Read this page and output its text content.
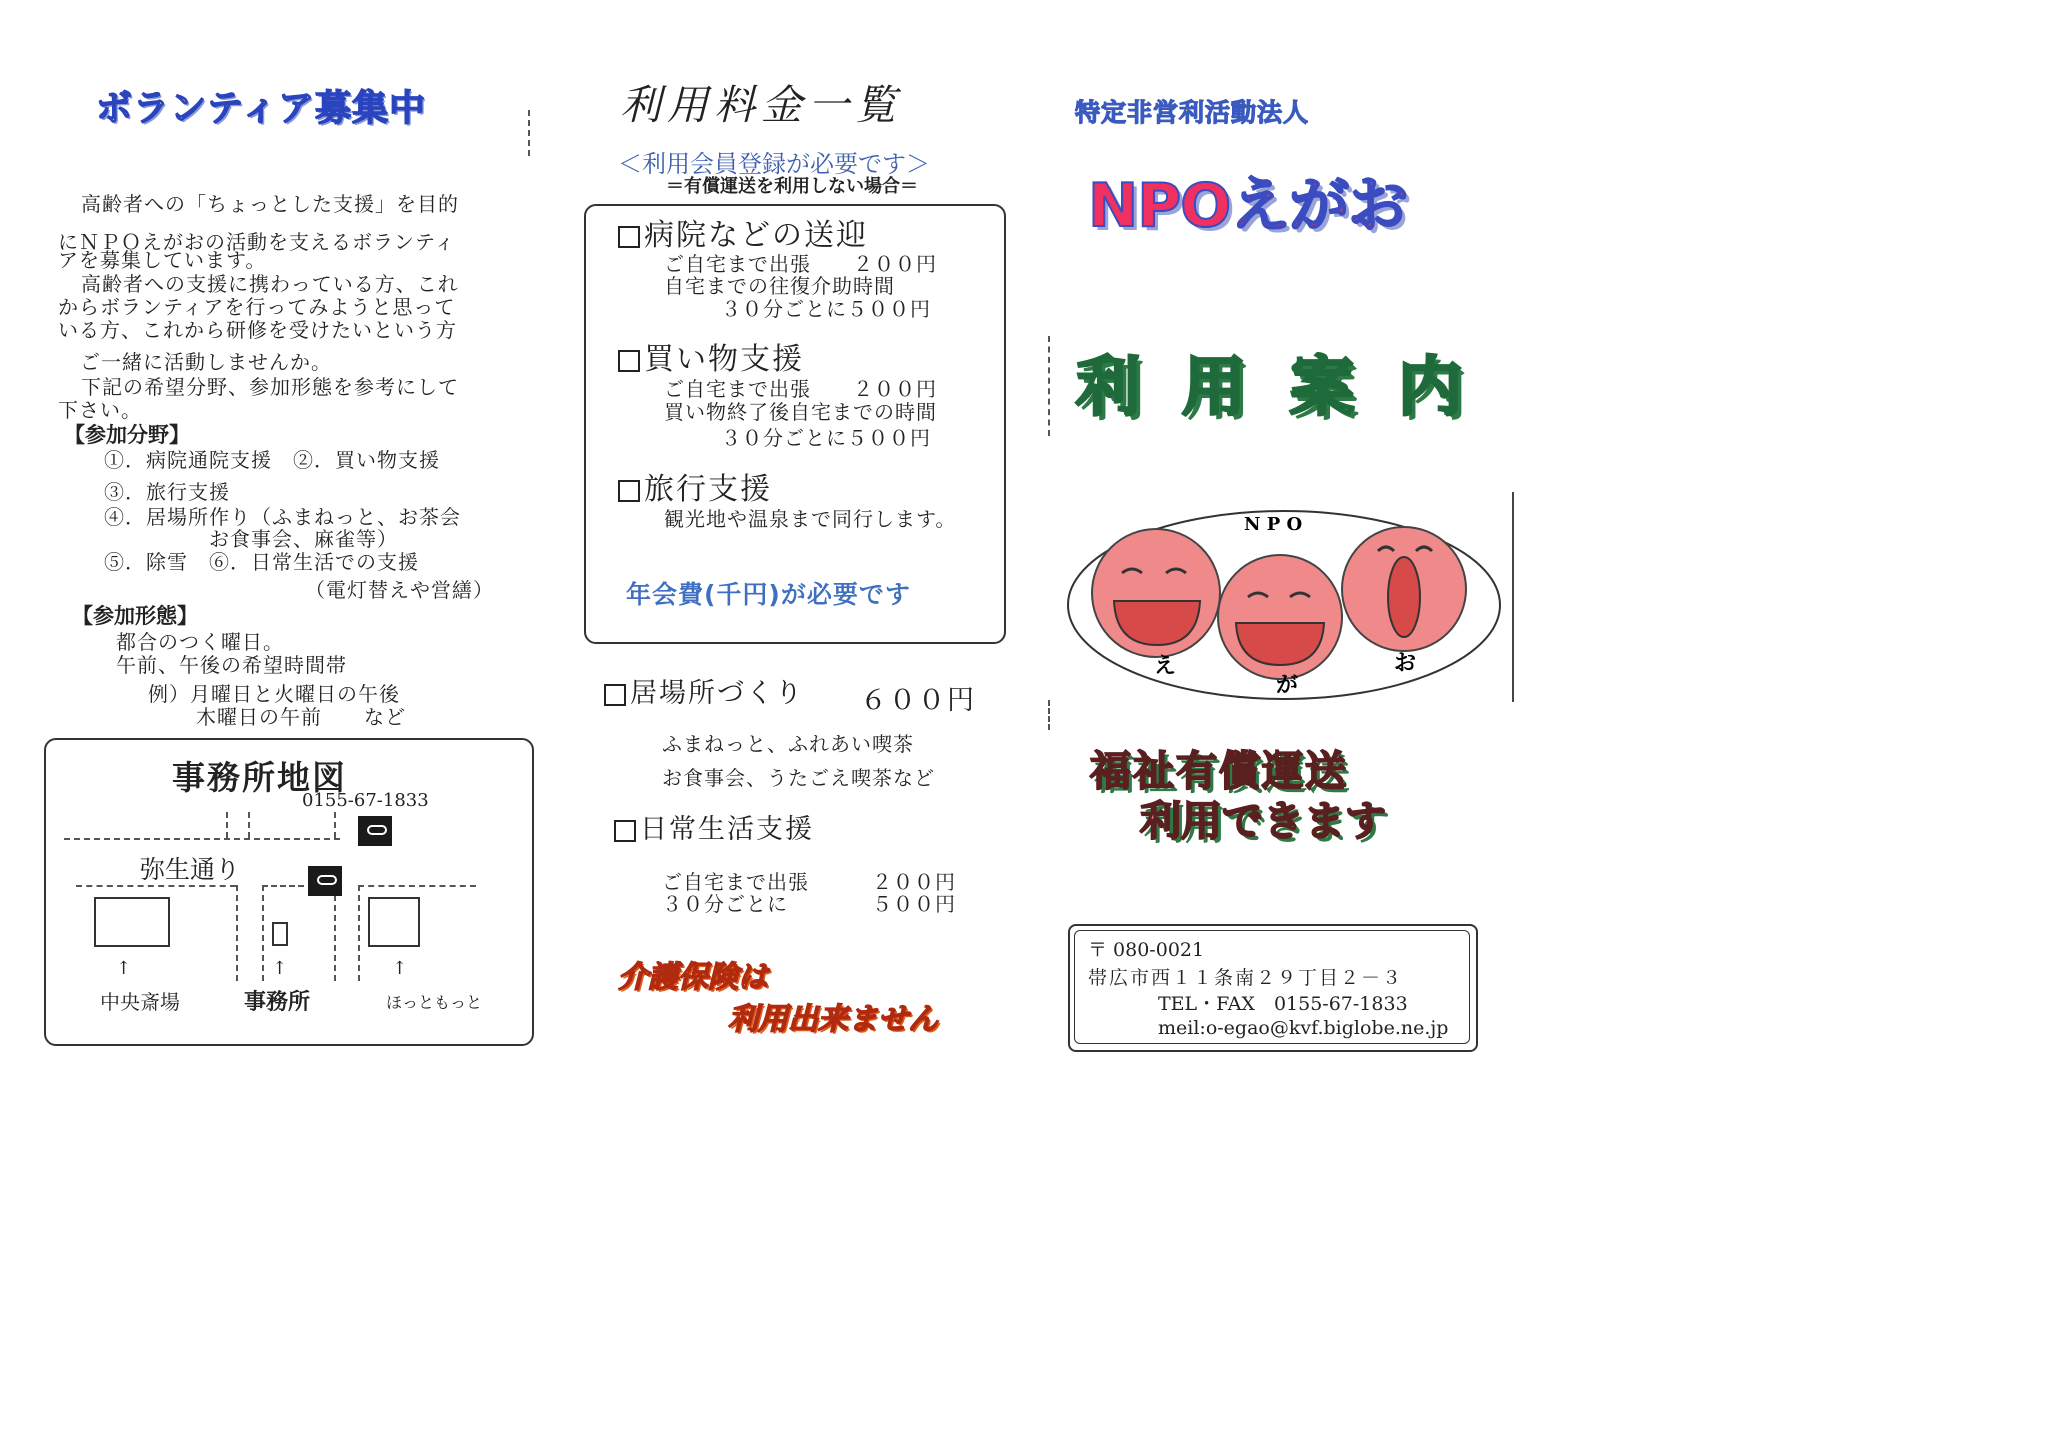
ボランティア募集中
　高齢者への「ちょっとした支援」を目的
にＮＰＯえがおの活動を支えるボランティ
アを募集しています。
　高齢者への支援に携わっている方、これ
からボランティアを行ってみようと思って
いる方、これから研修を受けたいという方
ご一緒に活動しませんか。
　下記の希望分野、参加形態を参考にして
下さい。
【参加分野】
①．病院通院支援　②．買い物支援
③．旅行支援
④．居場所作り（ふまねっと、お茶会
　　　　　お食事会、麻雀等）
⑤．除雪　⑥．日常生活での支援
（電灯替えや営繕）
【参加形態】
都合のつく曜日。
午前、午後の希望時間帯
例）月曜日と火曜日の午後
木曜日の午前　　など
事務所地図
0155-67-1833
弥生通り
↑	↑	↑
中央斎場	事務所	ほっともっと
利用料金一覧
＜利用会員登録が必要です＞
＝有償運送を利用しない場合＝
病院などの送迎
ご自宅まで出張　　２００円
自宅までの往復介助時間
　３０分ごとに５００円
買い物支援
ご自宅まで出張　　２００円
買い物終了後自宅までの時間
　３０分ごとに５００円
旅行支援
観光地や温泉まで同行します。
年会費(千円)が必要です
居場所づくり ６００円
ふまねっと、ふれあい喫茶
お食事会、うたごえ喫茶など
日常生活支援
ご自宅まで出張　　　２００円
３０分ごとに　　　　５００円
介護保険は
利用出来ません
特定非営利活動法人
NPOえがお
利 用 案 内
N P O
え
が
お
福祉有償運送
利用できます
〒 080-0021
帯広市西１１条南２９丁目２－３
TEL・FAX　0155-67-1833
meil:o-egao@kvf.biglobe.ne.jp
